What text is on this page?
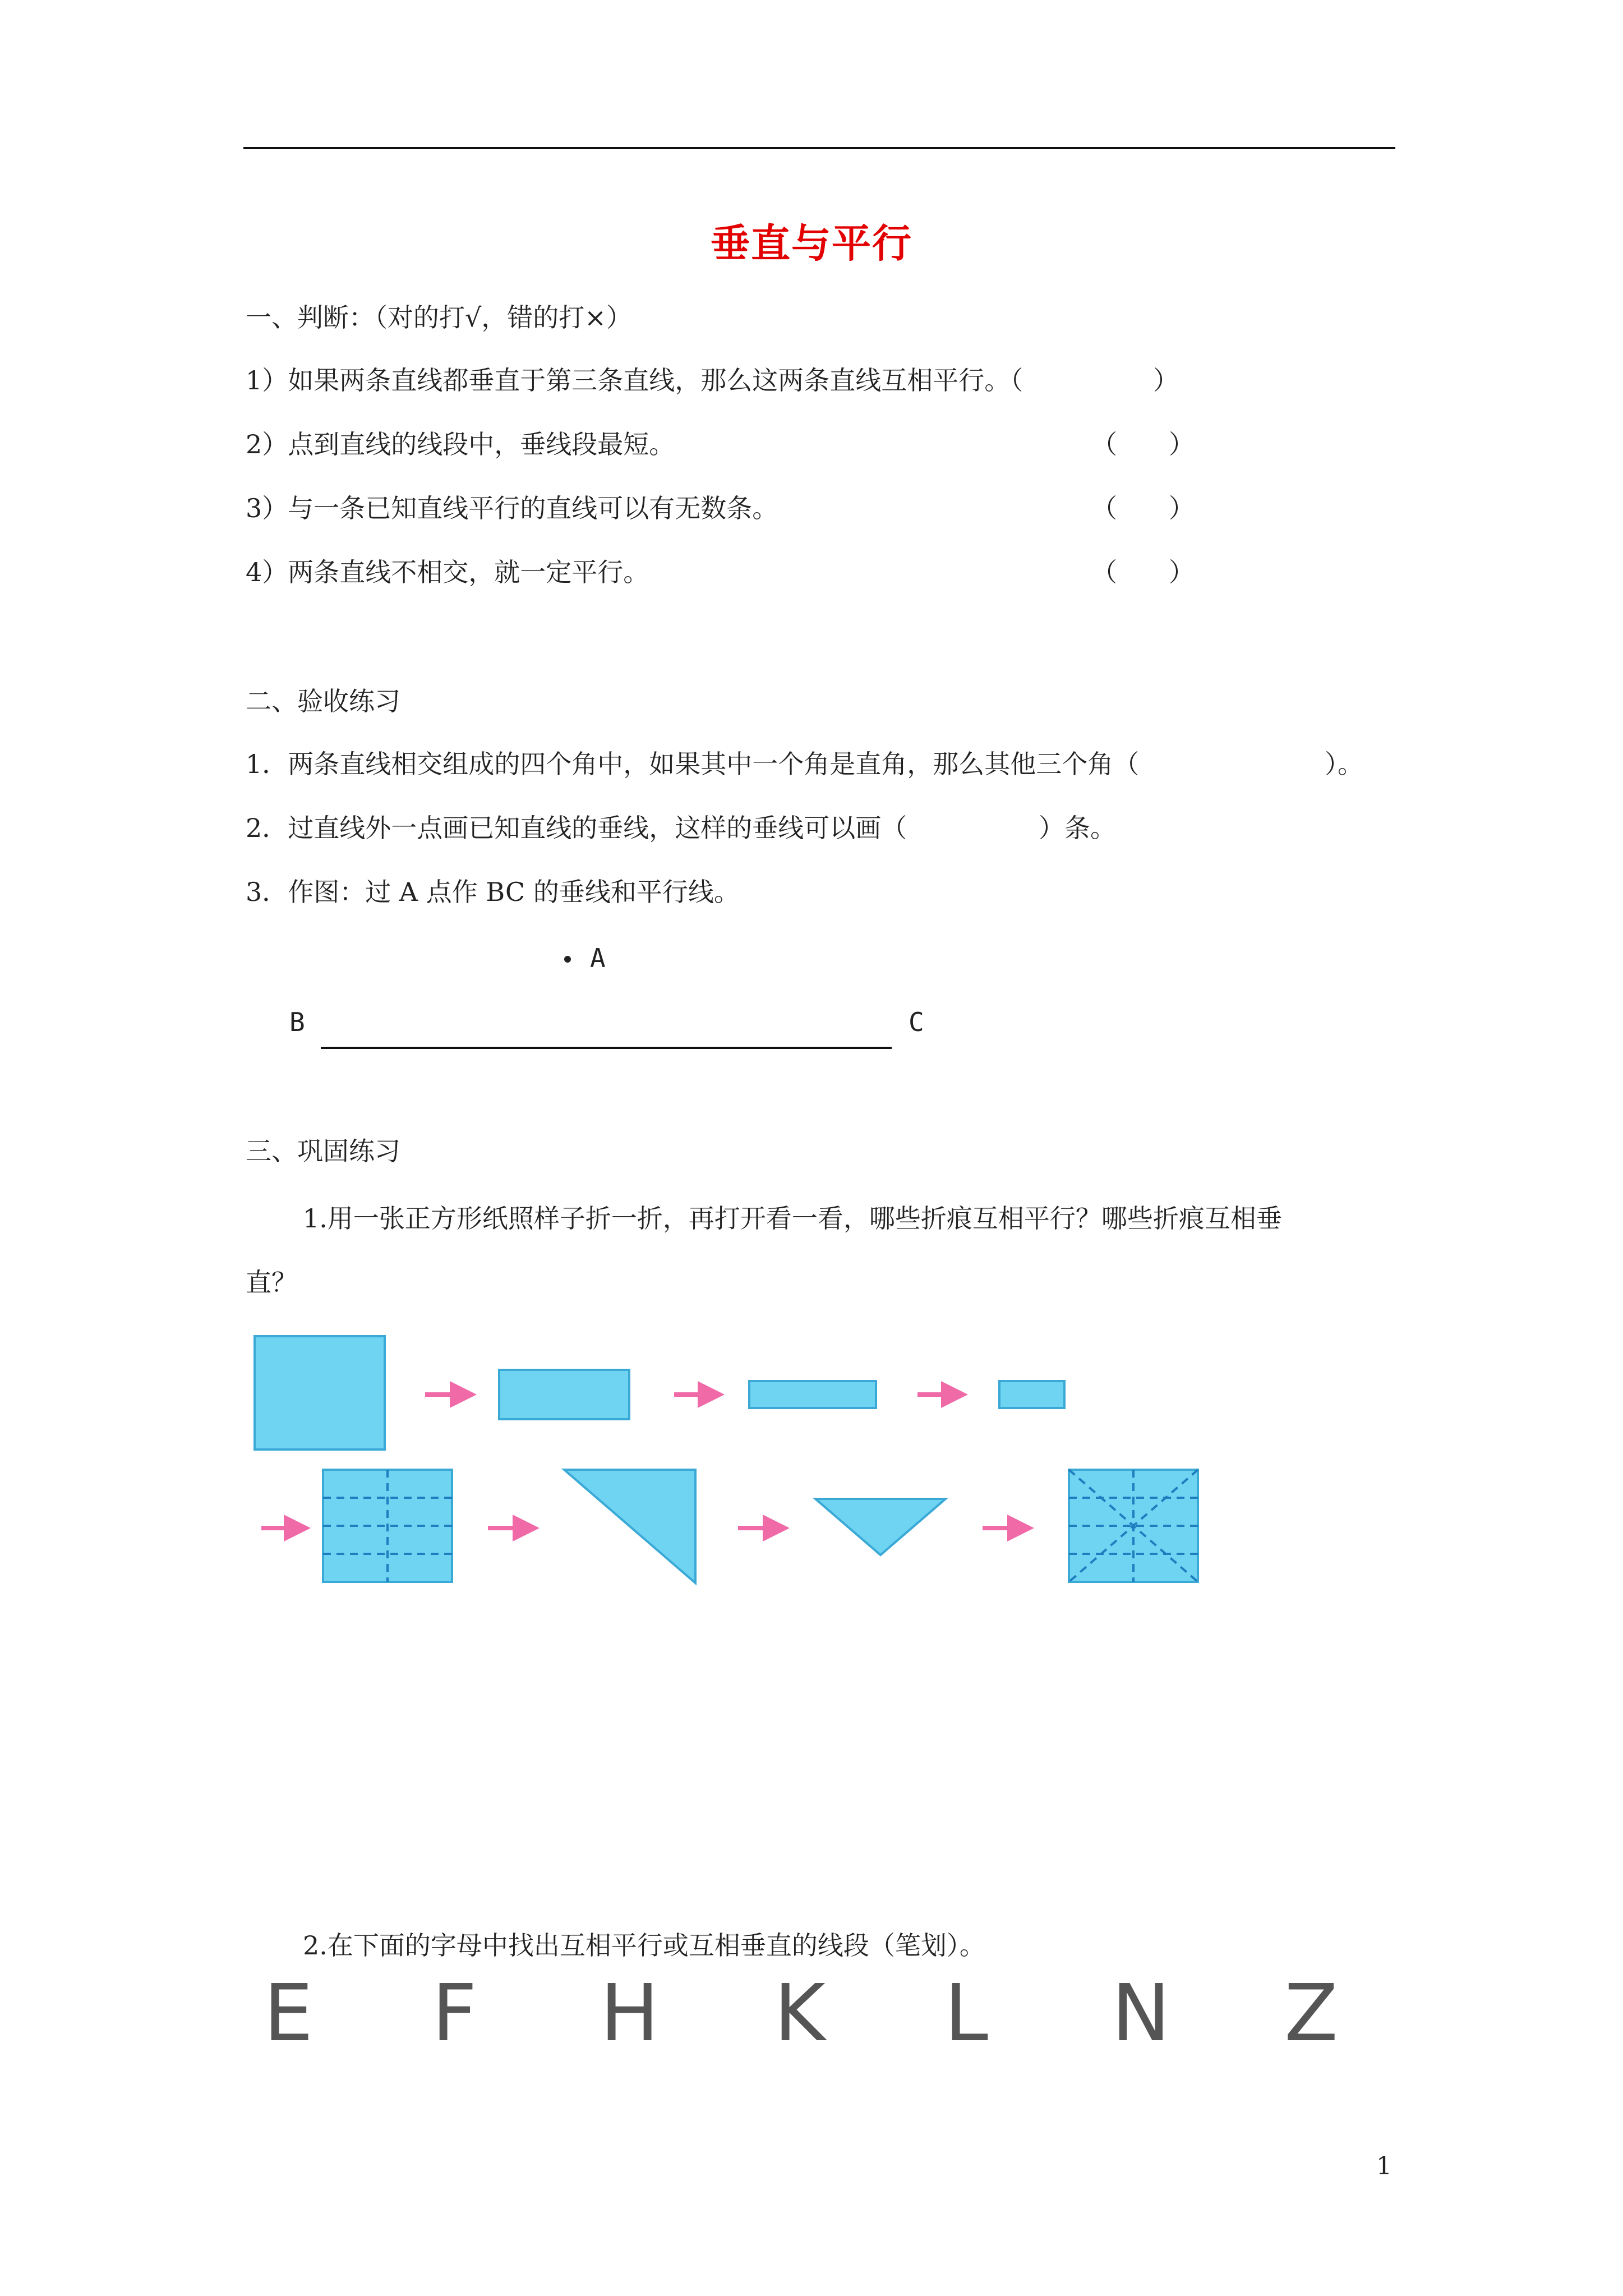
垂直与平行
一、判断：（对的打√，错的打×）
1）如果两条直线都垂直于第三条直线，那么这两条直线互相平行。（	）
2）点到直线的线段中，垂线段最短。	（　　）
3）与一条已知直线平行的直线可以有无数条。	（　　）
4）两条直线不相交，就一定平行。	（　　）
二、验收练习
1．两条直线相交组成的四个角中，如果其中一个角是直角，那么其他三个角（	）。
2．过直线外一点画已知直线的垂线，这样的垂线可以画（	）条。
3．作图：过 A 点作 BC 的垂线和平行线。
A
B	C
三、巩固练习
1.用一张正方形纸照样子折一折，再打开看一看，哪些折痕互相平行？哪些折痕互相垂
直？
2.在下面的字母中找出互相平行或互相垂直的线段（笔划）。
E F H K L N Z
1
